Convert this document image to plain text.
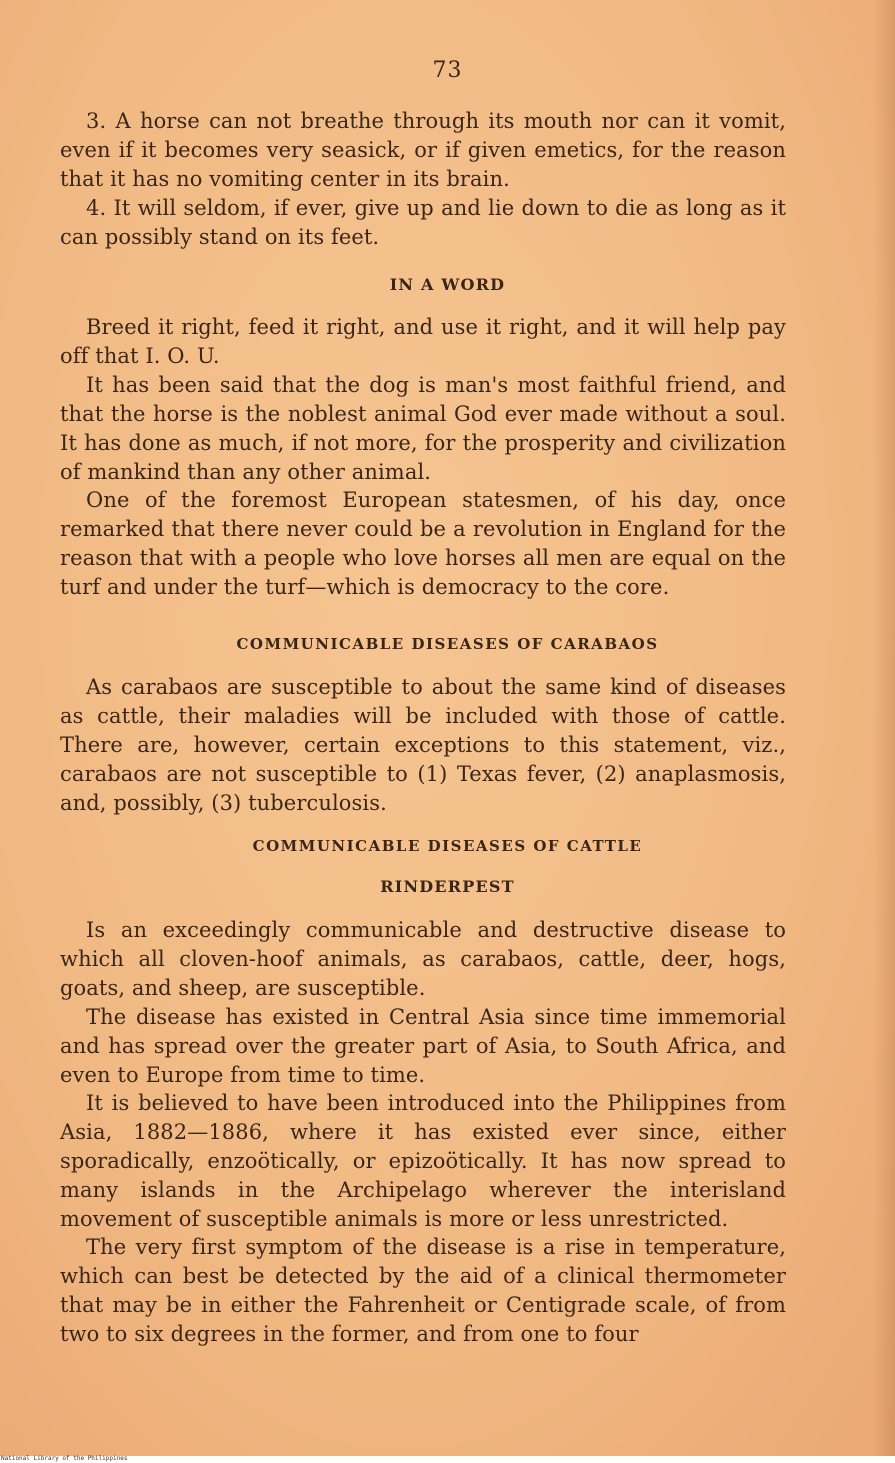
73

3. A horse can not breathe through its mouth nor can it vomit, even if it becomes very seasick, or if given emetics, for the reason that it has no vomiting center in its brain.

4. It will seldom, if ever, give up and lie down to die as long as it can possibly stand on its feet.

IN A WORD

Breed it right, feed it right, and use it right, and it will help pay off that I. O. U.

It has been said that the dog is man's most faithful friend, and that the horse is the noblest animal God ever made without a soul. It has done as much, if not more, for the prosperity and civilization of mankind than any other animal.

One of the foremost European statesmen, of his day, once remarked that there never could be a revolution in England for the reason that with a people who love horses all men are equal on the turf and under the turf—which is democracy to the core.

COMMUNICABLE DISEASES OF CARABAOS

As carabaos are susceptible to about the same kind of diseases as cattle, their maladies will be included with those of cattle. There are, however, certain exceptions to this statement, viz., carabaos are not susceptible to (1) Texas fever, (2) anaplasmosis, and, possibly, (3) tuberculosis.

COMMUNICABLE DISEASES OF CATTLE
RINDERPEST

Is an exceedingly communicable and destructive disease to which all cloven-hoof animals, as carabaos, cattle, deer, hogs, goats, and sheep, are susceptible.

The disease has existed in Central Asia since time immemorial and has spread over the greater part of Asia, to South Africa, and even to Europe from time to time.

It is believed to have been introduced into the Philippines from Asia, 1882—1886, where it has existed ever since, either sporadically, enzoötically, or epizoötically. It has now spread to many islands in the Archipelago wherever the interisland movement of susceptible animals is more or less unrestricted.

The very first symptom of the disease is a rise in temperature, which can best be detected by the aid of a clinical thermometer that may be in either the Fahrenheit or Centigrade scale, of from two to six degrees in the former, and from one to four

National Library of the Philippines
